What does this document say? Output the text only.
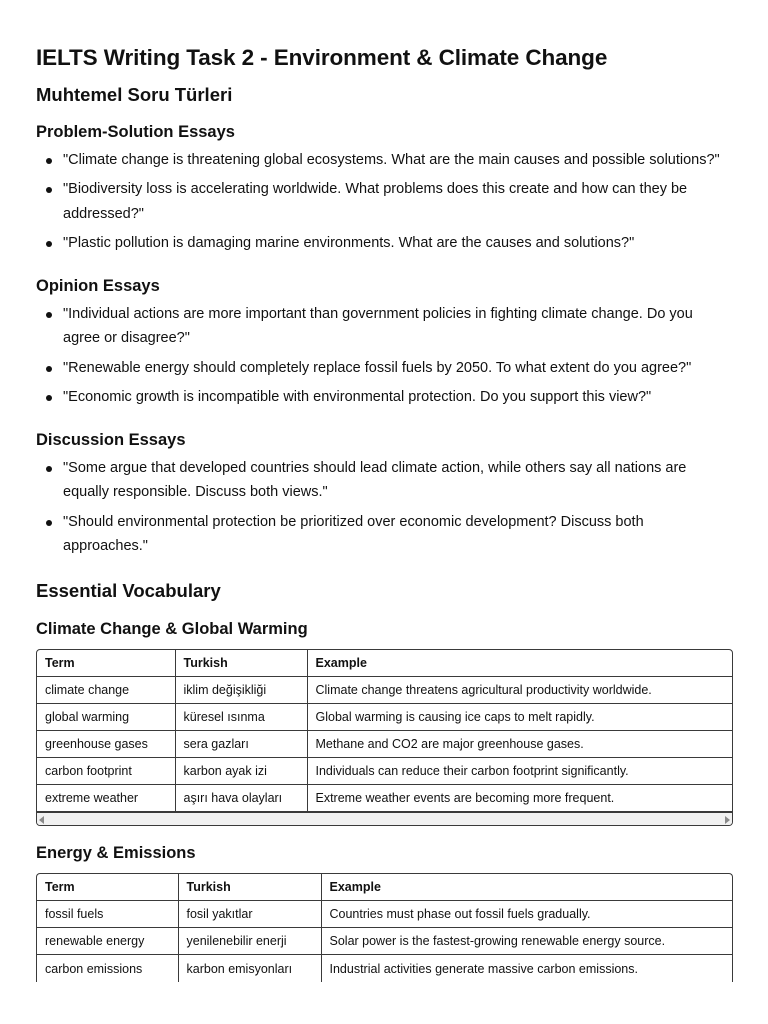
IELTS Writing Task 2 - Environment & Climate Change
Muhtemel Soru Türleri
Problem-Solution Essays
"Climate change is threatening global ecosystems. What are the main causes and possible solutions?"
"Biodiversity loss is accelerating worldwide. What problems does this create and how can they be addressed?"
"Plastic pollution is damaging marine environments. What are the causes and solutions?"
Opinion Essays
"Individual actions are more important than government policies in fighting climate change. Do you agree or disagree?"
"Renewable energy should completely replace fossil fuels by 2050. To what extent do you agree?"
"Economic growth is incompatible with environmental protection. Do you support this view?"
Discussion Essays
"Some argue that developed countries should lead climate action, while others say all nations are equally responsible. Discuss both views."
"Should environmental protection be prioritized over economic development? Discuss both approaches."
Essential Vocabulary
Climate Change & Global Warming
Term	Turkish	Example
climate change	iklim değişikliği	Climate change threatens agricultural productivity worldwide.
global warming	küresel ısınma	Global warming is causing ice caps to melt rapidly.
greenhouse gases	sera gazları	Methane and CO2 are major greenhouse gases.
carbon footprint	karbon ayak izi	Individuals can reduce their carbon footprint significantly.
extreme weather	aşırı hava olayları	Extreme weather events are becoming more frequent.
Energy & Emissions
Term	Turkish	Example
fossil fuels	fosil yakıtlar	Countries must phase out fossil fuels gradually.
renewable energy	yenilenebilir enerji	Solar power is the fastest-growing renewable energy source.
carbon emissions	karbon emisyonları	Industrial activities generate massive carbon emissions.
